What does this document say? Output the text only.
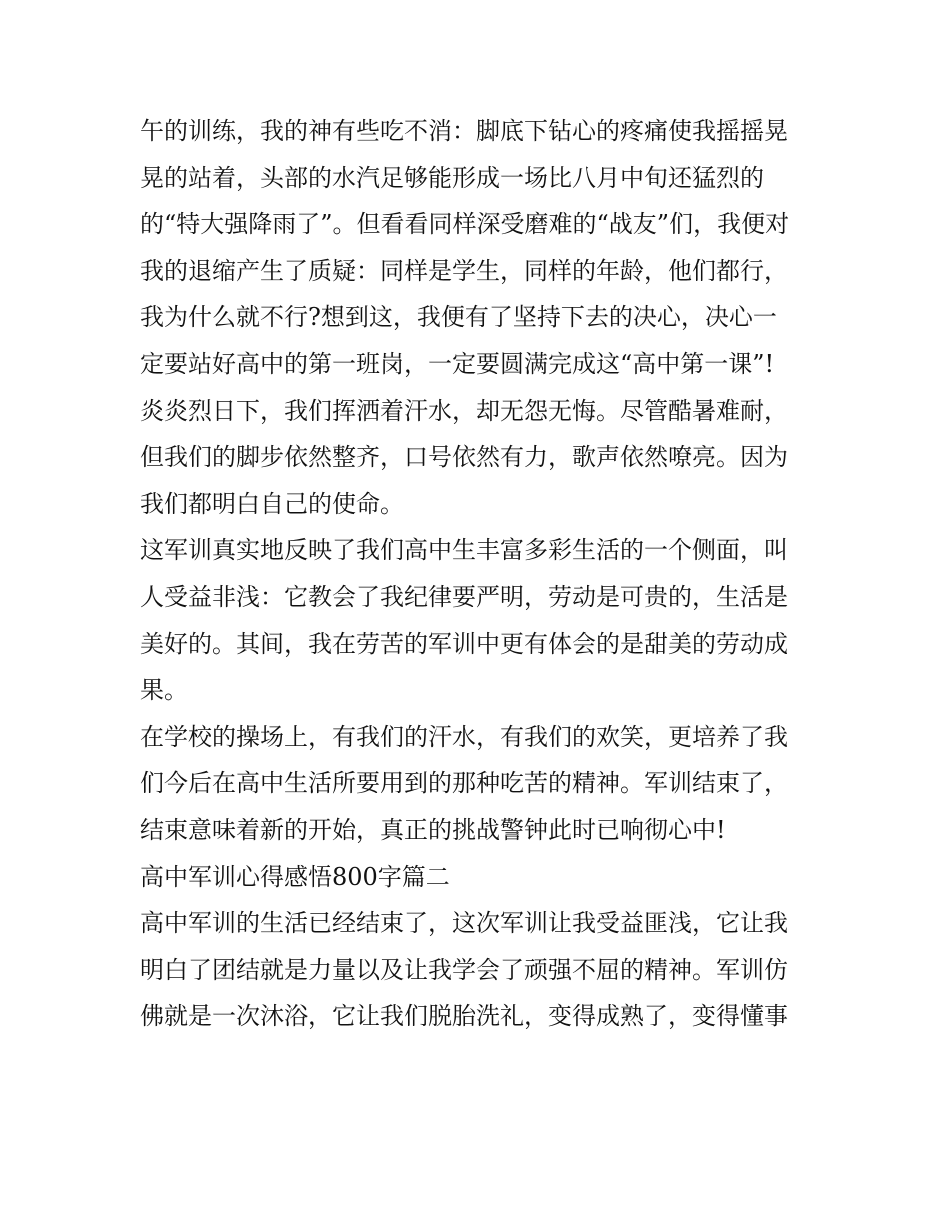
午的训练，我的神有些吃不消：脚底下钻心的疼痛使我摇摇晃
晃的站着，头部的水汽足够能形成一场比八月中旬还猛烈的
的“特大强降雨了”。但看看同样深受磨难的“战友”们，我便对
我的退缩产生了质疑：同样是学生，同样的年龄，他们都行，
我为什么就不行?想到这，我便有了坚持下去的决心，决心一
定要站好高中的第一班岗，一定要圆满完成这“高中第一课”!
炎炎烈日下，我们挥洒着汗水，却无怨无悔。尽管酷暑难耐，
但我们的脚步依然整齐，口号依然有力，歌声依然嘹亮。因为
我们都明白自己的使命。
这军训真实地反映了我们高中生丰富多彩生活的一个侧面，叫
人受益非浅：它教会了我纪律要严明，劳动是可贵的，生活是
美好的。其间，我在劳苦的军训中更有体会的是甜美的劳动成
果。
在学校的操场上，有我们的汗水，有我们的欢笑，更培养了我
们今后在高中生活所要用到的那种吃苦的精神。军训结束了，
结束意味着新的开始，真正的挑战警钟此时已响彻心中!
高中军训心得感悟800字篇二
高中军训的生活已经结束了，这次军训让我受益匪浅，它让我
明白了团结就是力量以及让我学会了顽强不屈的精神。军训仿
佛就是一次沐浴，它让我们脱胎洗礼，变得成熟了，变得懂事
